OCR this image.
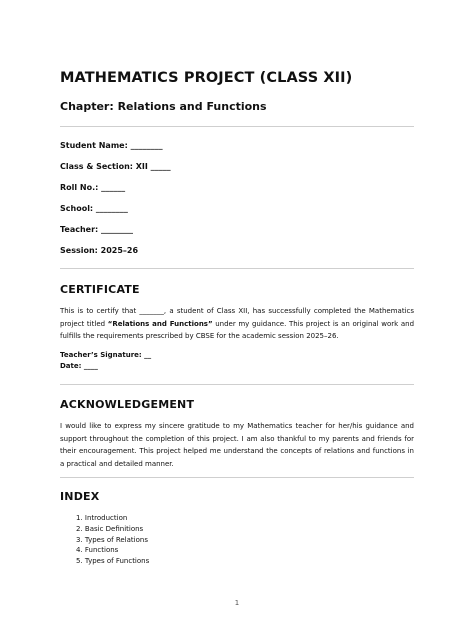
MATHEMATICS PROJECT (CLASS XII)
Chapter: Relations and Functions
Student Name: ________
Class & Section: XII _____
Roll No.: ______
School: ________
Teacher: ________
Session: 2025–26
CERTIFICATE
This is to certify that _______, a student of Class XII, has successfully completed the Mathematics project titled “Relations and Functions” under my guidance. This project is an original work and fulfills the requirements prescribed by CBSE for the academic session 2025–26.
Teacher’s Signature: __
Date: ____
ACKNOWLEDGEMENT
I would like to express my sincere gratitude to my Mathematics teacher for her/his guidance and support throughout the completion of this project. I am also thankful to my parents and friends for their encouragement. This project helped me understand the concepts of relations and functions in a practical and detailed manner.
INDEX
1. Introduction
2. Basic Definitions
3. Types of Relations
4. Functions
5. Types of Functions
1
